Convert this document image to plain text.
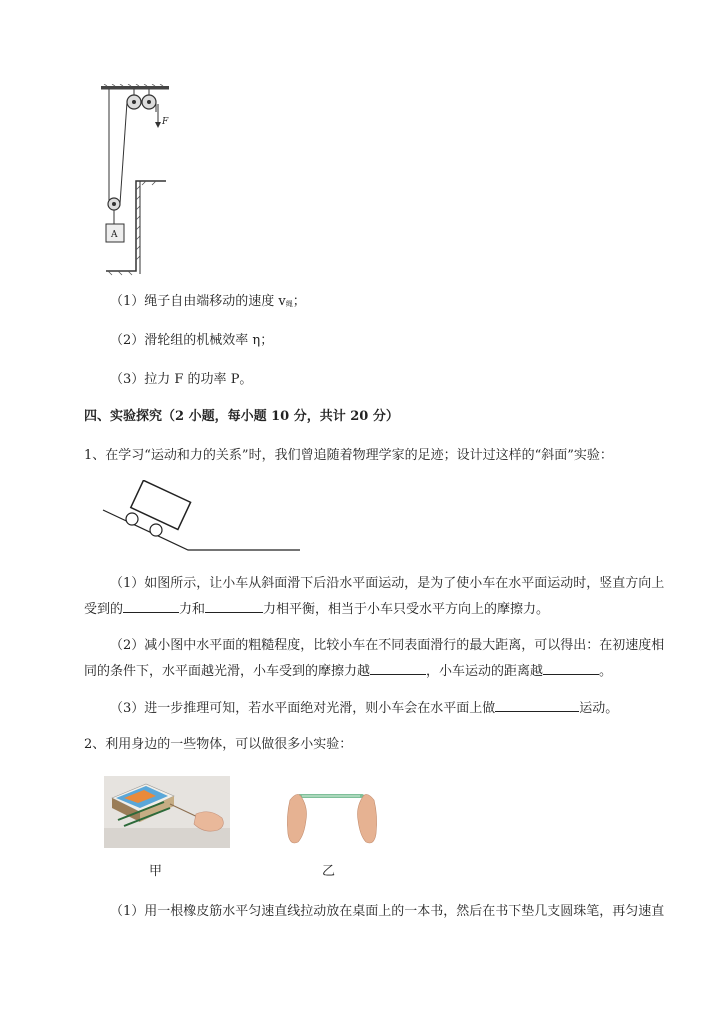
F
A
（1）绳子自由端移动的速度 v绳；
（2）滑轮组的机械效率 η；
（3）拉力 F 的功率 P。
四、实验探究（2 小题，每小题 10 分，共计 20 分）
1、在学习“运动和力的关系”时，我们曾追随着物理学家的足迹；设计过这样的“斜面”实验：
（1）如图所示，让小车从斜面滑下后沿水平面运动，是为了使小车在水平面运动时，竖直方向上
受到的	力和	力相平衡，相当于小车只受水平方向上的摩擦力。
（2）减小图中水平面的粗糙程度，比较小车在不同表面滑行的最大距离，可以得出：在初速度相
同的条件下，水平面越光滑，小车受到的摩擦力越	，小车运动的距离越	。
（3）进一步推理可知，若水平面绝对光滑，则小车会在水平面上做	运动。
2、利用身边的一些物体，可以做很多小实验：
甲	乙
（1）用一根橡皮筋水平匀速直线拉动放在桌面上的一本书，然后在书下垫几支圆珠笔，再匀速直
